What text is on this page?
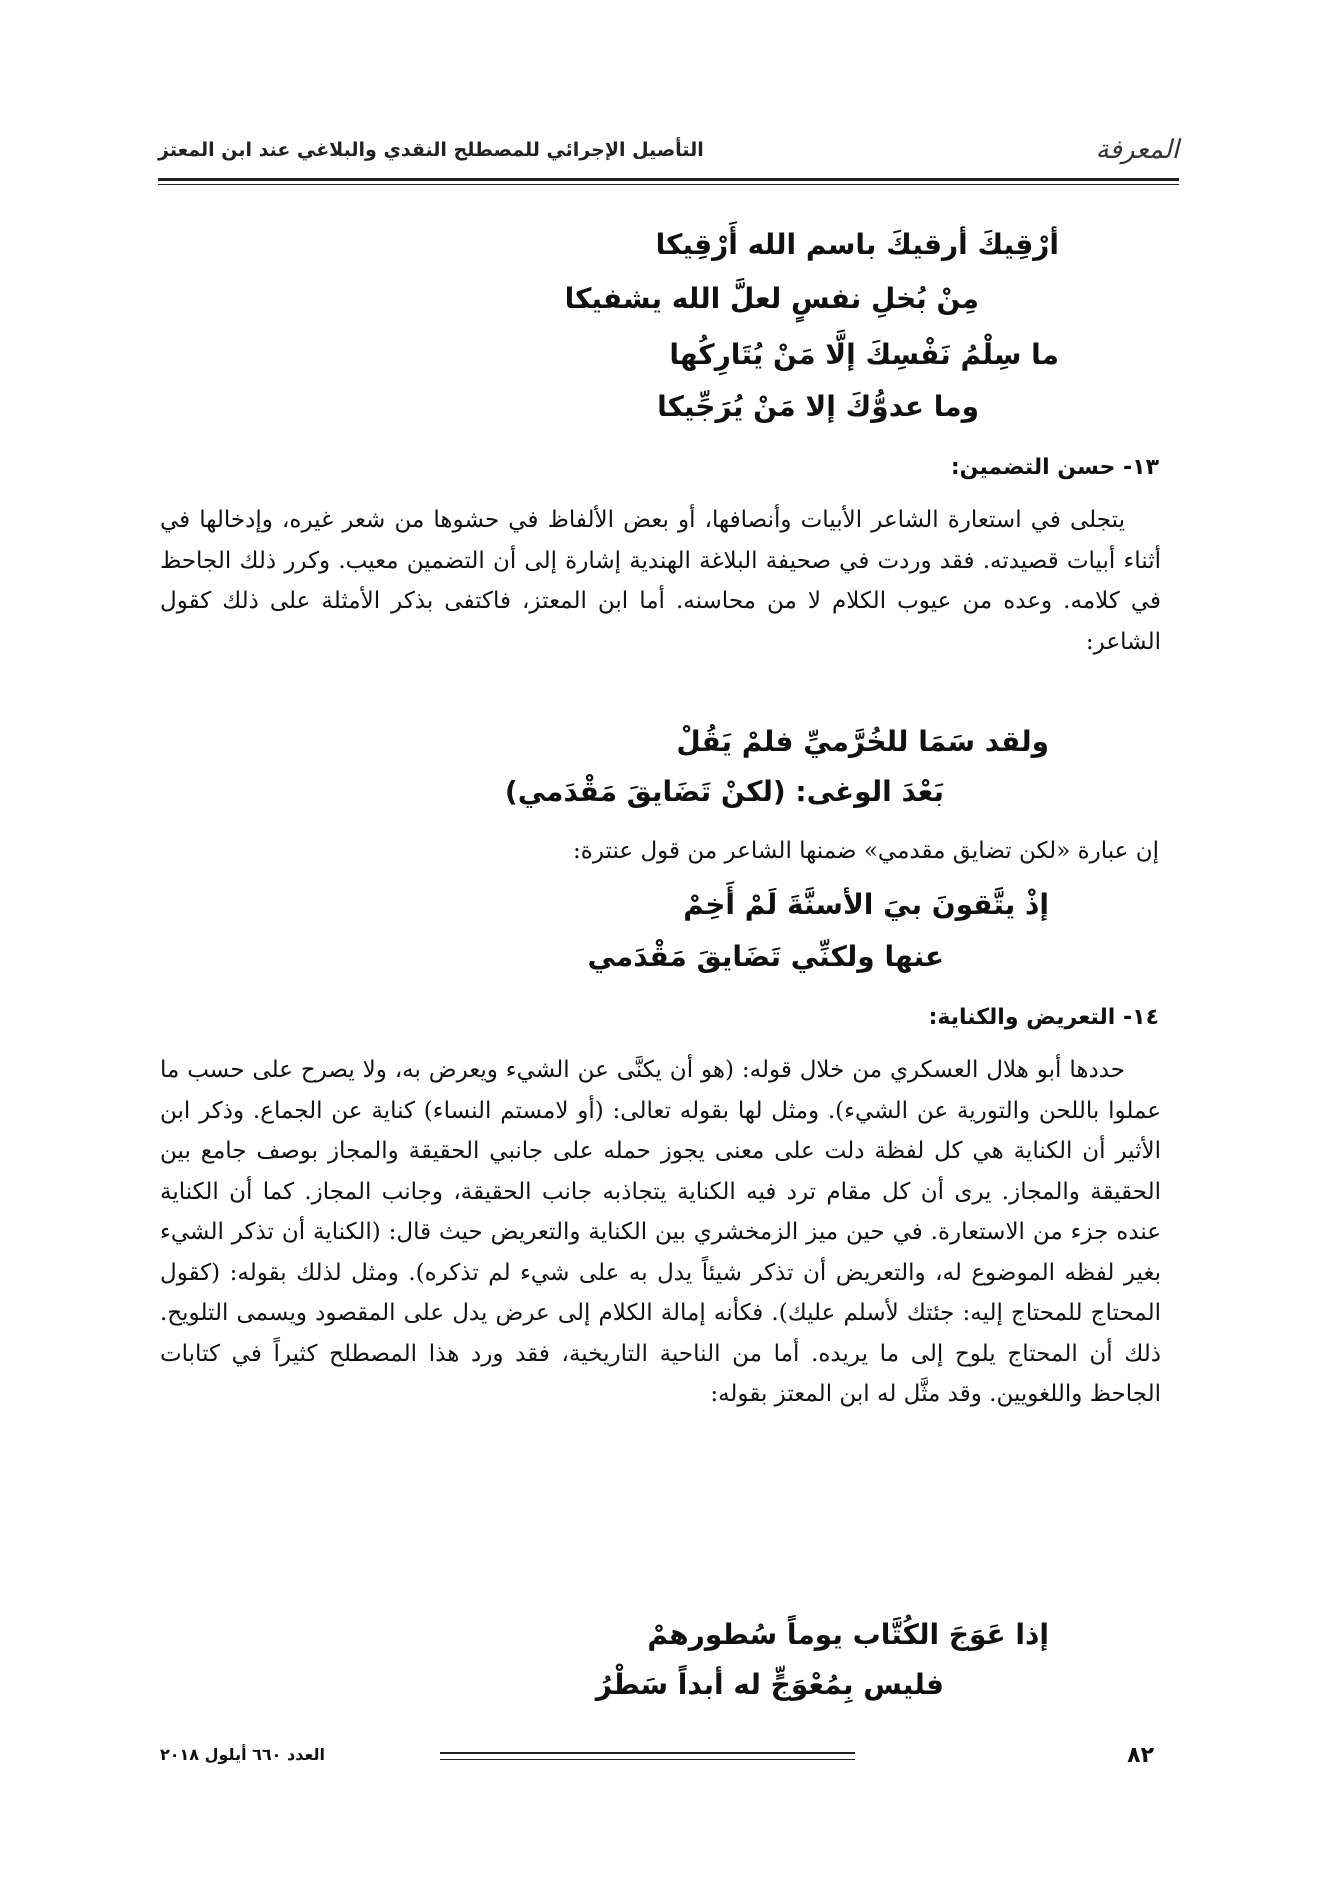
المعرفة
التأصيل الإجرائي للمصطلح النقدي والبلاغي عند ابن المعتز
أرْقِيكَ أرقيكَ باسم الله أَرْقِيكا
مِنْ بُخلِ نفسٍ لعلَّ الله يشفيكا
ما سِلْمُ نَفْسِكَ إلَّا مَنْ يُتَارِكُها
وما عدوُّكَ إلا مَنْ يُرَجِّيكا
١٣- حسن التضمين:
يتجلى في استعارة الشاعر الأبيات وأنصافها، أو بعض الألفاظ في حشوها من شعر غيره، وإدخالها في أثناء أبيات قصيدته. فقد وردت في صحيفة البلاغة الهندية إشارة إلى أن التضمين معيب. وكرر ذلك الجاحظ في كلامه. وعده من عيوب الكلام لا من محاسنه. أما ابن المعتز، فاكتفى بذكر الأمثلة على ذلك كقول الشاعر:
ولقد سَمَا للخُرَّميِّ فلمْ يَقُلْ
بَعْدَ الوغى: (لكنْ تَضَايقَ مَقْدَمي)
إن عبارة «لكن تضايق مقدمي» ضمنها الشاعر من قول عنترة:
إذْ يتَّقونَ بيَ الأسنَّةَ لَمْ أَخِمْ
عنها ولكنِّي تَضَايقَ مَقْدَمي
١٤- التعريض والكناية:
حددها أبو هلال العسكري من خلال قوله: (هو أن يكنَّى عن الشيء ويعرض به، ولا يصرح على حسب ما عملوا باللحن والتورية عن الشيء). ومثل لها بقوله تعالى: (أو لامستم النساء) كناية عن الجماع. وذكر ابن الأثير أن الكناية هي كل لفظة دلت على معنى يجوز حمله على جانبي الحقيقة والمجاز بوصف جامع بين الحقيقة والمجاز. يرى أن كل مقام ترد فيه الكناية يتجاذبه جانب الحقيقة، وجانب المجاز. كما أن الكناية عنده جزء من الاستعارة. في حين ميز الزمخشري بين الكناية والتعريض حيث قال: (الكناية أن تذكر الشيء بغير لفظه الموضوع له، والتعريض أن تذكر شيئاً يدل به على شيء لم تذكره). ومثل لذلك بقوله: (كقول المحتاج للمحتاج إليه: جئتك لأسلم عليك). فكأنه إمالة الكلام إلى عرض يدل على المقصود ويسمى التلويح. ذلك أن المحتاج يلوح إلى ما يريده. أما من الناحية التاريخية، فقد ورد هذا المصطلح كثيراً في كتابات الجاحظ واللغويين. وقد مثَّل له ابن المعتز بقوله:
إذا عَوَجَ الكُتَّاب يوماً سُطورهمْ
فليس بِمُعْوَجٍّ له أبداً سَطْرُ
٨٢
العدد ٦٦٠ أيلول ٢٠١٨
